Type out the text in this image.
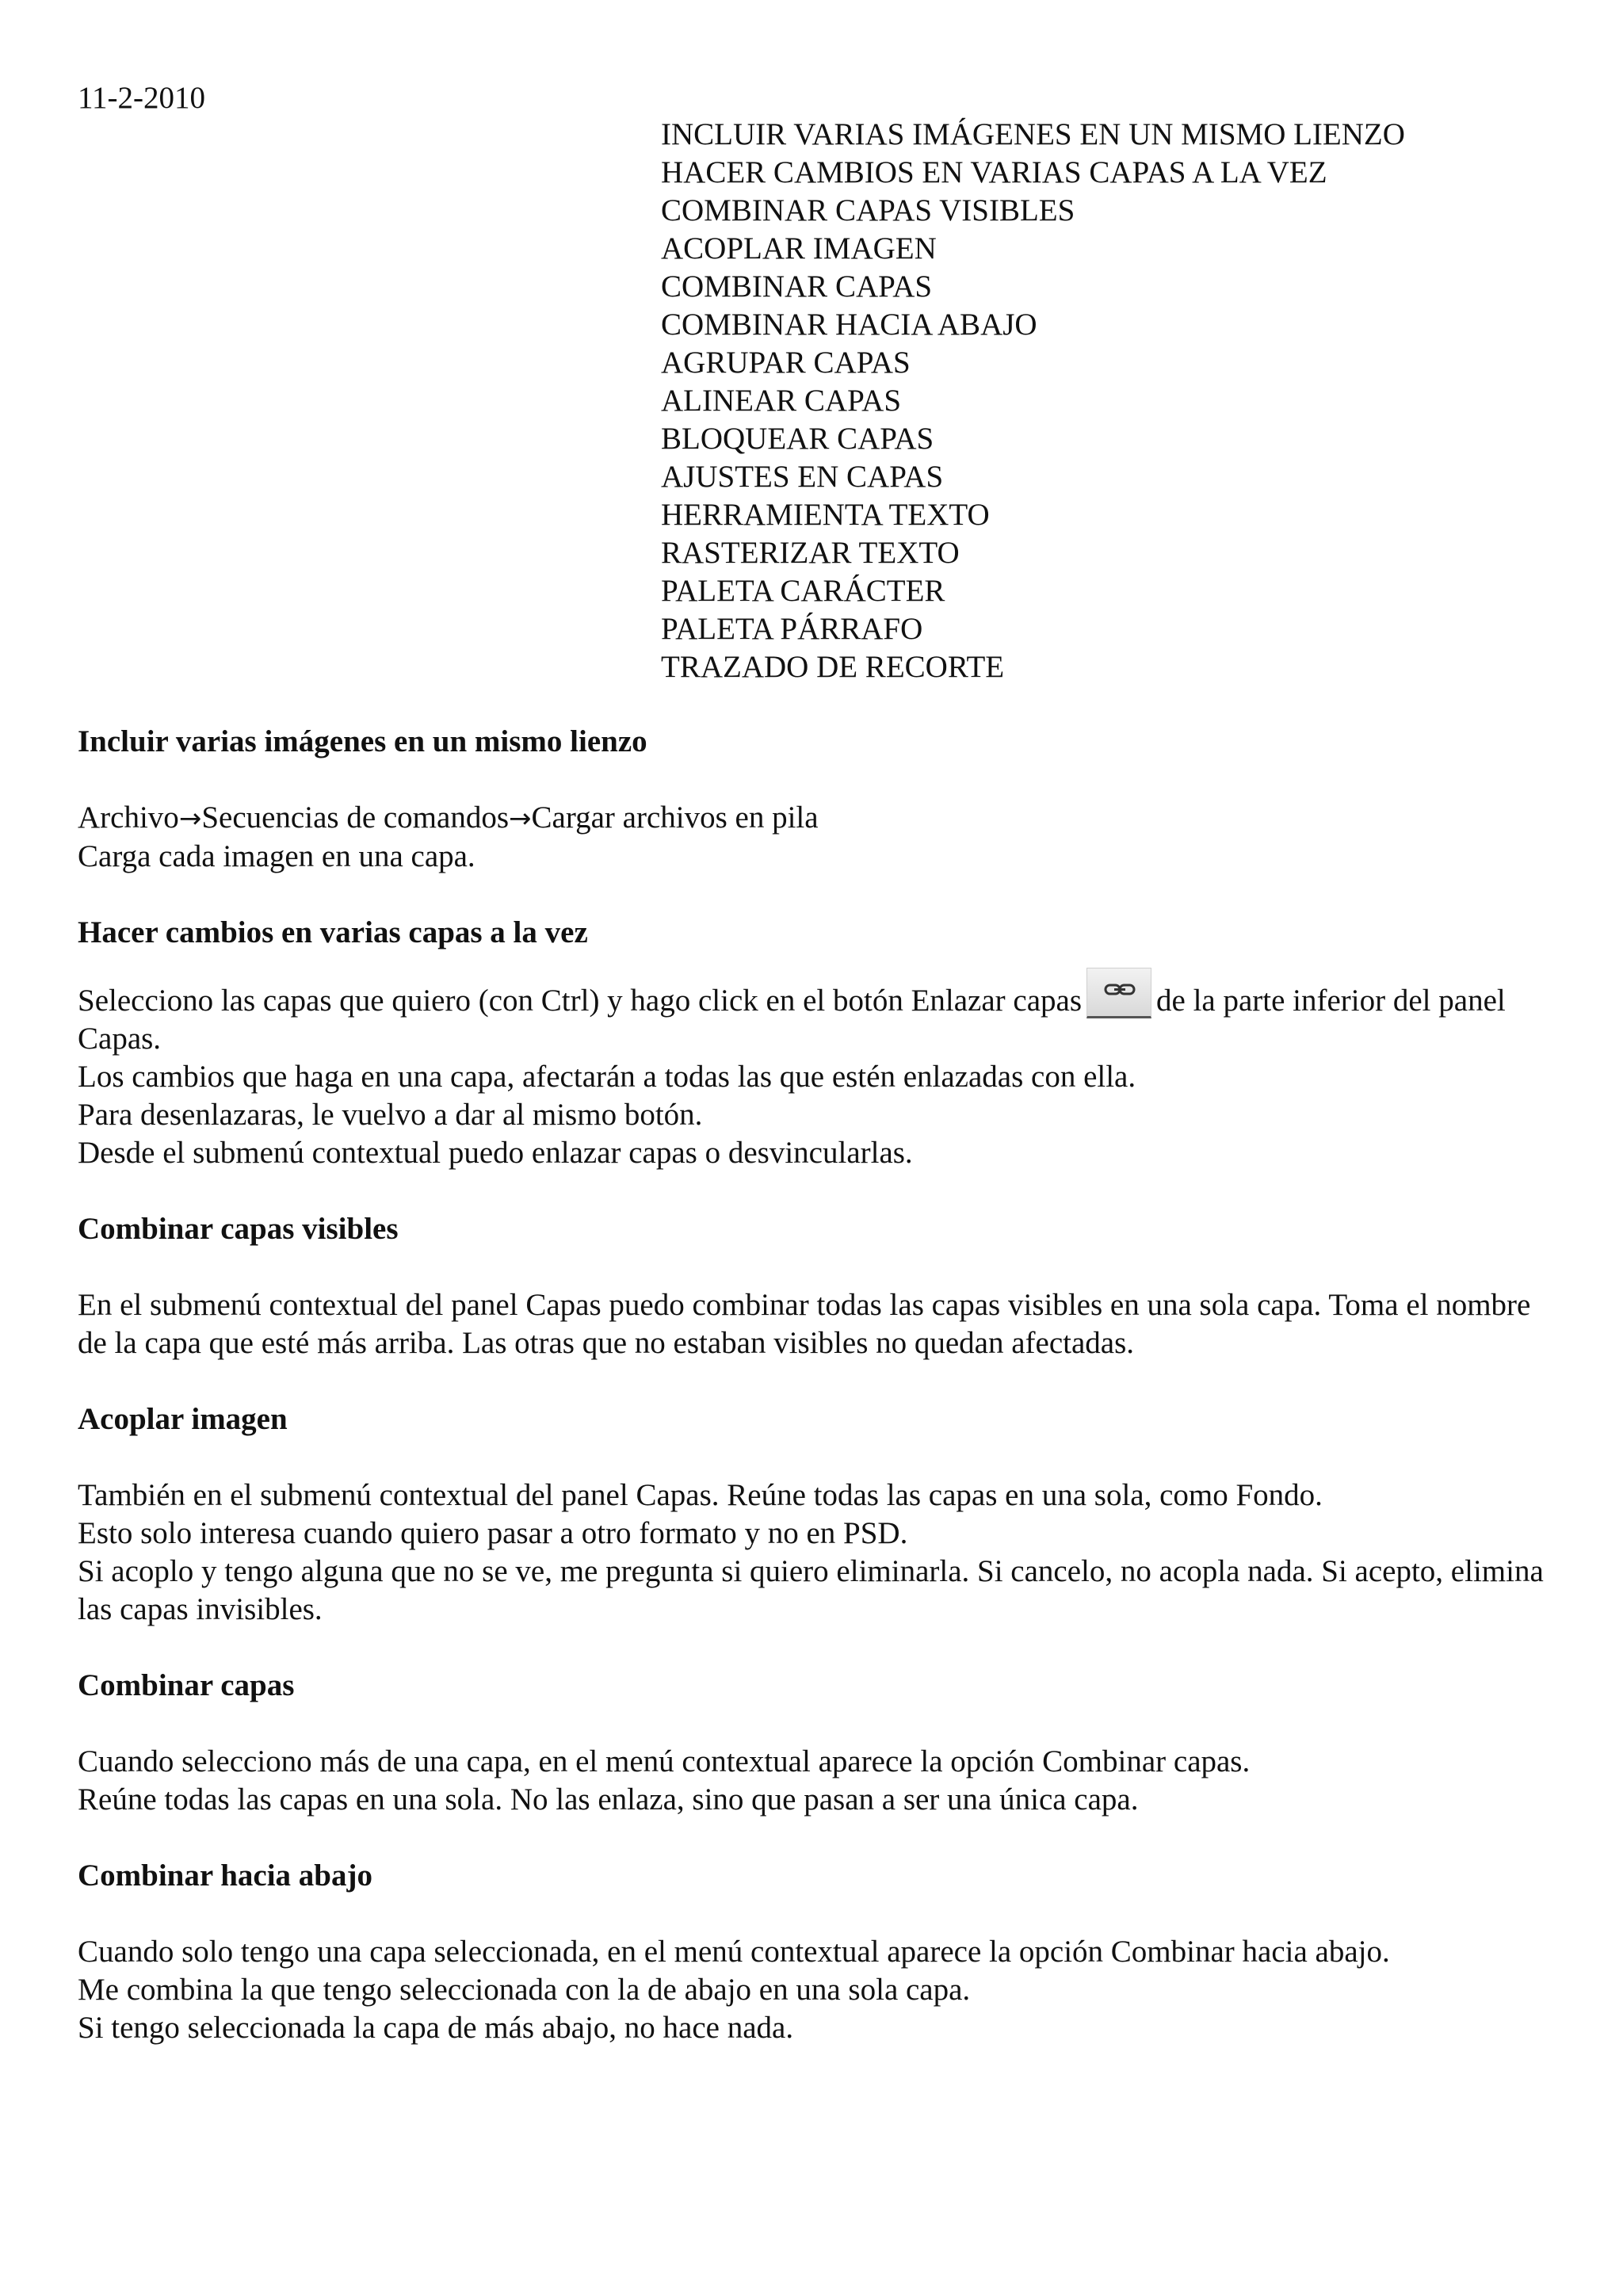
11-2-2010

INCLUIR VARIAS IMÁGENES EN UN MISMO LIENZO
HACER CAMBIOS EN VARIAS CAPAS A LA VEZ
COMBINAR CAPAS VISIBLES
ACOPLAR IMAGEN
COMBINAR CAPAS
COMBINAR HACIA ABAJO
AGRUPAR CAPAS
ALINEAR CAPAS
BLOQUEAR CAPAS
AJUSTES EN CAPAS
HERRAMIENTA TEXTO
RASTERIZAR TEXTO
PALETA CARÁCTER
PALETA PÁRRAFO
TRAZADO DE RECORTE
Incluir varias imágenes en un mismo lienzo

Archivo→Secuencias de comandos→Cargar archivos en pila

Carga cada imagen en una capa.

Hacer cambios en varias capas a la vez

Selecciono las capas que quiero (con Ctrl) y hago click en el botón Enlazar capas de la parte inferior del panel Capas.

Los cambios que haga en una capa, afectarán a todas las que estén enlazadas con ella.

Para desenlazaras, le vuelvo a dar al mismo botón.

Desde el submenú contextual puedo enlazar capas o desvincularlas.

Combinar capas visibles

En el submenú contextual del panel Capas puedo combinar todas las capas visibles en una sola capa. Toma el nombre de la capa que esté más arriba. Las otras que no estaban visibles no quedan afectadas.

Acoplar imagen

También en el submenú contextual del panel Capas. Reúne todas las capas en una sola, como Fondo.

Esto solo interesa cuando quiero pasar a otro formato y no en PSD.

Si acoplo y tengo alguna que no se ve, me pregunta si quiero eliminarla. Si cancelo, no acopla nada. Si acepto, elimina las capas invisibles.

Combinar capas

Cuando selecciono más de una capa, en el menú contextual aparece la opción Combinar capas.

Reúne todas las capas en una sola. No las enlaza, sino que pasan a ser una única capa.

Combinar hacia abajo

Cuando solo tengo una capa seleccionada, en el menú contextual aparece la opción Combinar hacia abajo.

Me combina la que tengo seleccionada con la de abajo en una sola capa.

Si tengo seleccionada la capa de más abajo, no hace nada.
